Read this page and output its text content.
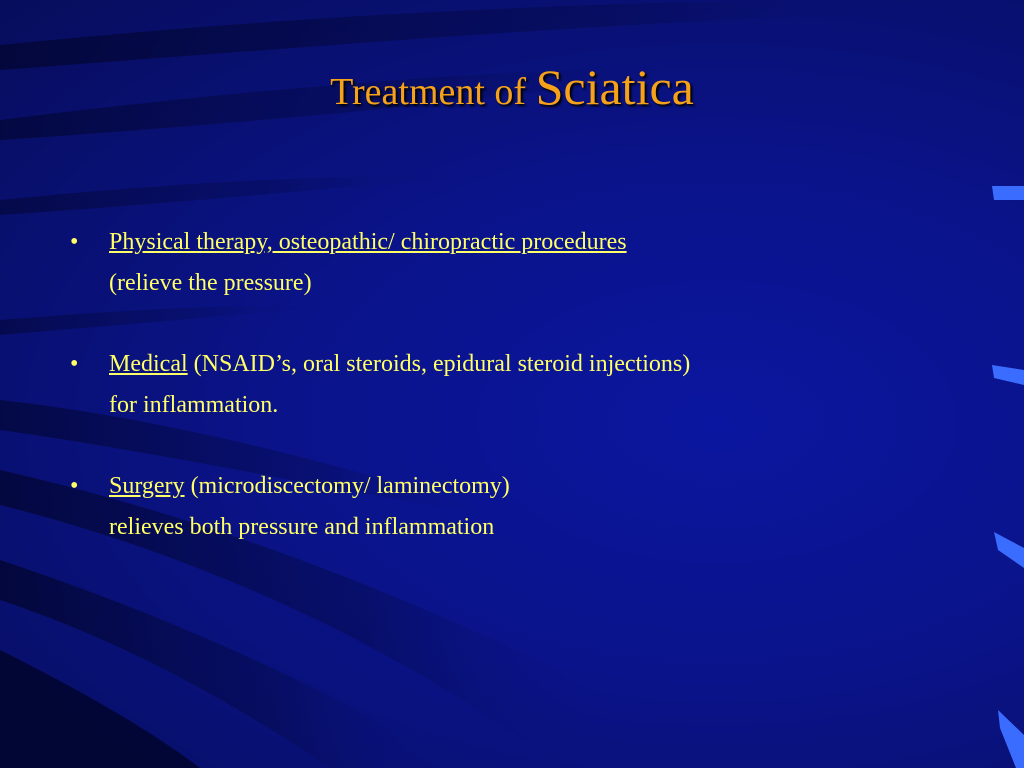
Treatment of Sciatica
• Physical therapy, osteopathic/ chiropractic procedures
(relieve the pressure)
• Medical (NSAID’s, oral steroids, epidural steroid injections)
for inflammation.
• Surgery (microdiscectomy/ laminectomy)
relieves both pressure and inflammation
